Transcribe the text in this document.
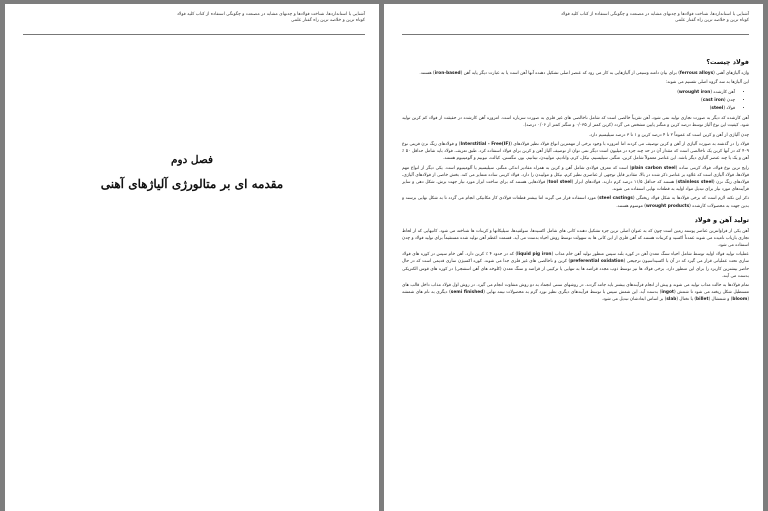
آشنایی با استانداردها، شناخت فولادها و چدنهای مشابه در مصنعت و چگونگی استفاده از کتاب کلید فولاد
کوتاه ترین و خلاصه ترین راه گفتار علمی
فصل دوم
مقدمه ای بر متالورژی آلیاژهای آهنی
آشنایی با استانداردها، شناخت فولادها و چدنهای مشابه در مصنعت و چگونگی استفاده از کتاب کلید فولاد
کوتاه ترین و خلاصه ترین راه گفتار علمی
فولاد چیست؟

واژه آلیاژهای آهنی (ferrous alloys) برای بیان دامنه وسیعی از آلیاژهایی به کار می رود که عنصر اصلی تشکیل دهنده آنها آهن است یا به عبارت دیگر پایه آهن (iron-based) هستند.

این آلیاژها به سه گروه اصلی تقسیم می شوند:

• آهن کارشده (wrought iron)
• چدن (cast iron)
• فولاد (steel)

آهن کارشده که دیگر به صورت تجاری تولید نمی شود، آهن تقریباً خالصی است که شامل ناخالصی های غیر فلزی به صورت سرباره است. امروزه آهن کارشده در حقیقت از فولاد کم کربن تولید شود. کیفیت این نوع آلیاژ توسط درصد کربن و منگنز پایین مشخص می گردد (کربن کمتر از ۰/۰۳۵ و منگنز کمتر از ۰/۰۶ درصد).

چدن آلیاژی از آهن و کربن است که عموماً ۲ تا ۴ درصد کربن و ۱ تا ۳ درصد سیلیسیم دارد.

فولاد را در گذشته به صورت آلیاژی از آهن و کربن توصیف می کردند اما امروزه با وجود برخی از مهمترین انواع فولاد نظیر فولادهای (Interstitial - Free(IF)) و فولادهای زنگ نزن فریتی نوع ۴۰۹ که در آنها کربن یک ناخالصی است که مقدار آن در حد چند جزء در میلیون است دیگر نمی توان از توصیف آلیاژ آهن و کربن برای فولاد استفاده کرد. طبق تعریف، فولاد باید شامل حداقل ۵۰ ٪ آهن و یک یا چند عنصر آلیاژی دیگر باشد. این عناصر معمولاً شامل کربن، منگنز، سیلیسیم، نیکل، کرم، وانادیم، مولیبدن، تیتانیم، بور، تنگستن، کبالت، نیوبیم و آلومینیوم هستند.

رایج ترین نوع فولاد، فولاد کربنی ساده (plain carbon steel) است که معرف فولادی شامل آهن و کربن به همراه مقادیر اندکی منگنز، سیلیسیم یا آلومینیوم است. یکی دیگر از انواع مهم فولادها، فولاد آلیاژی است که علاوه بر عناصر ذکر شده در بالا، مقادیر قابل توجهی از عناصری نظیر کرم، نیکل و مولیبدن را دارد. فولاد کربنی ساده متمایز می کند. بخش خاصی از فولادهای آلیاژی، فولادهای زنگ نزن (stainless steel) هستند که حداقل ۱۱/۵ درصد کرم دارند. فولادهای ابزار (tool steel) فولادهایی هستند که برای ساخت ابزار مورد نیاز جهت برش، شکل دهی و سایر فرآیندهای مورد نیاز برای تبدیل مواد اولیه به قطعات نهایی استفاده می شوند.

ذکر این نکته لازم است که برخی فولادها به شکل فولاد ریختگی (steel castings) مورد استفاده قرار می گیرند اما بیشتر قطعات فولادی کار مکانیکی انجام می گردد تا به شکل نهایی برسند و بدین جهت به محصولات کارشده (wrought products) موسوم هستند.

تولید آهن و فولاد

آهن یکی از فراوانترین عناصر پوسته زمین است چون که به عنوان اصلی ترین جزء تشکیل دهنده کانی های شامل اکسیدها، سولفیدها، سیلیکاتها و کربنات ها شناخته می شود. کانیهایی که از لحاظ تجاری بازیاب نامیده می شوند عمدتاً اکسید و کربنات هستند که آهن فلزی از این کانی ها به سهولت توسط روش احیاء بدست می آید. قسمت اعظم آهن تولید شده مستقیماً برای تولید فولاد و چدن استفاده می شود.

عملیات تولید فولاد اولیه توسط شامل احیاء سنگ معدن آهن در کوره بلند سپس منظور تولید آهن خام مذاب (liquid pig iron) که در حدود ۴ ٪ کربن دارد. آهن خام سپس در کوره های فولاد سازی تحت عملیاتی قرار می گیرد که در آن با اکسیداسیون ترجیحی (preferential oxidation) کربن و ناخالصی های غیر فلزی جدا می شوند. کوره اکسیژن سازی قدیمی است که در حال حاضر بیشترین کاربرد را برای این منظور دارد. برخی فولاد ها نیز توسط ذوب مجدد قراضه ها به تنهایی یا ترکیبی از قراضه و سنگ معدن (کلوخه های آهن اسفنجی) در کوره های قوس الکتریکی بدست می آیند.

تمام فولادها به حالت مذاب تولید می شوند و پیش از انجام فرآیندهای بیشتر باید جامد گردند. در روشهای سنتی انجماد به دو روش متفاوت انجام می گیرد. در روش اول فولاد مذاب داخل قالب های مستطیل شکل ریخته می شود تا شمش (ingot) بدست آید. این شمش سپس با توسط فرآیندهای دیگری نظیر نورد گرم به محصولات نیمه نهایی (semi finished) دیگری به نام های شمشه (bloom) و شمشال (billet) یا تختال (slab) بر اساس ابعادشان تبدیل می شود.
